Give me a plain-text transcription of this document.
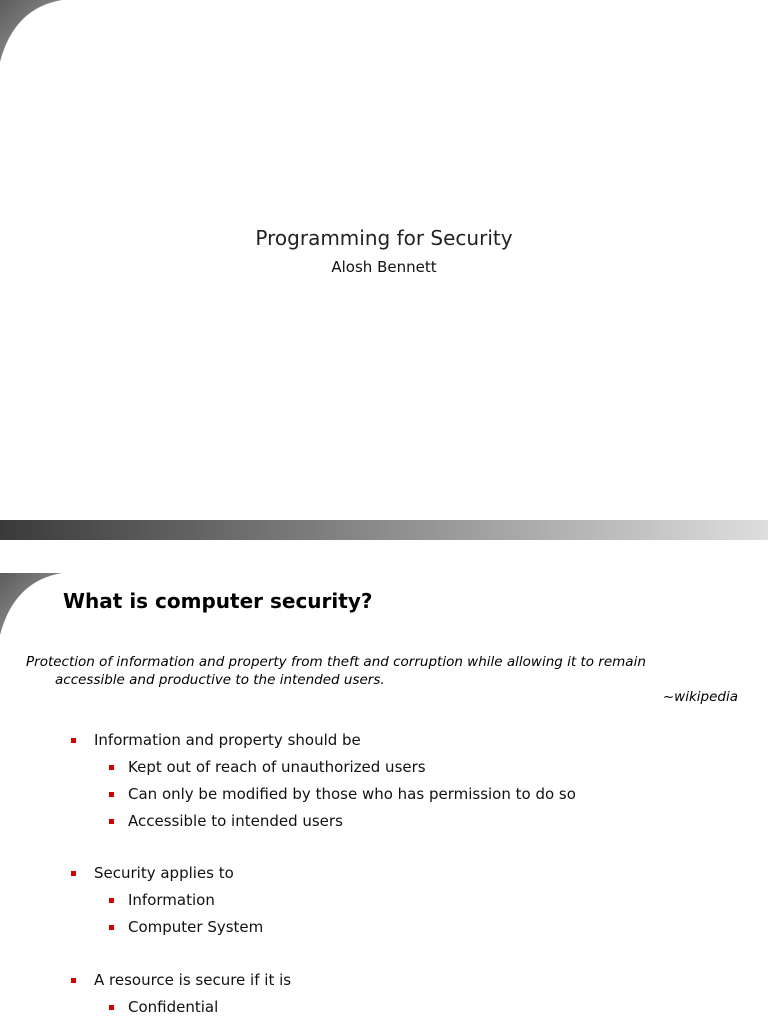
Programming for Security
Alosh Bennett
What is computer security?
Protection of information and property from theft and corruption while allowing it to remain
accessible and productive to the intended users.
~wikipedia
Information and property should be
Kept out of reach of unauthorized users
Can only be modified by those who has permission to do so
Accessible to intended users
Security applies to
Information
Computer System
A resource is secure if it is
Confidential
